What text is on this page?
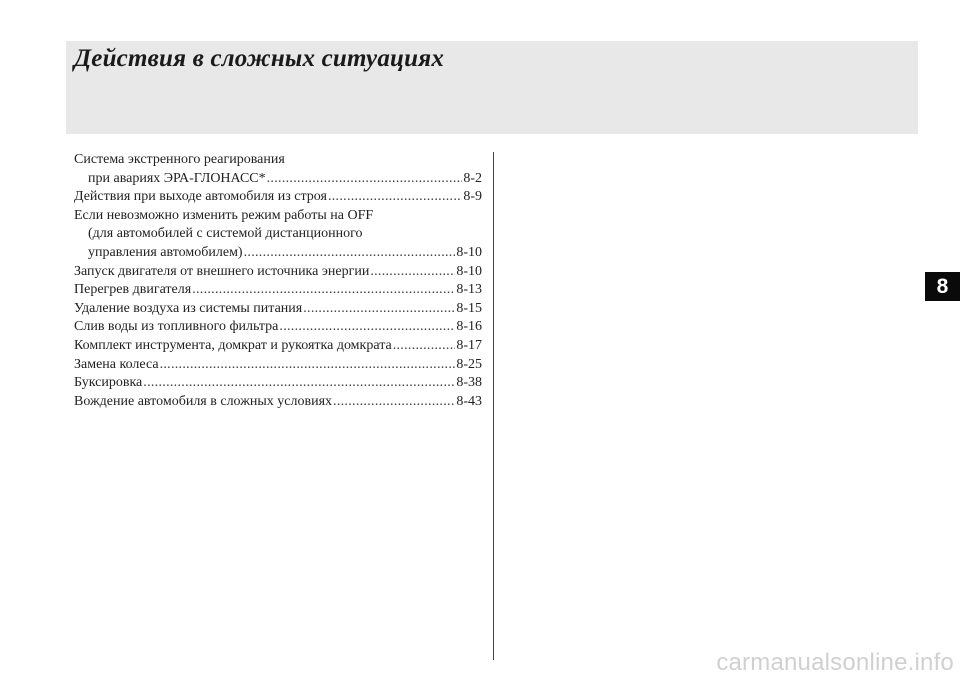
Действия в сложных ситуациях
Система экстренного реагирования
при авариях ЭРА-ГЛОНАСС* .....	8-2
Действия при выходе автомобиля из строя .....	8-9
Если невозможно изменить режим работы на OFF
(для автомобилей с системой дистанционного
управления автомобилем) .....	8-10
Запуск двигателя от внешнего источника энергии .....	8-10
Перегрев двигателя .....	8-13
Удаление воздуха из системы питания .....	8-15
Слив воды из топливного фильтра .....	8-16
Комплект инструмента, домкрат и рукоятка домкрата .....	8-17
Замена колеса .....	8-25
Буксировка .....	8-38
Вождение автомобиля в сложных условиях .....	8-43
8
carmanualsonline.info
